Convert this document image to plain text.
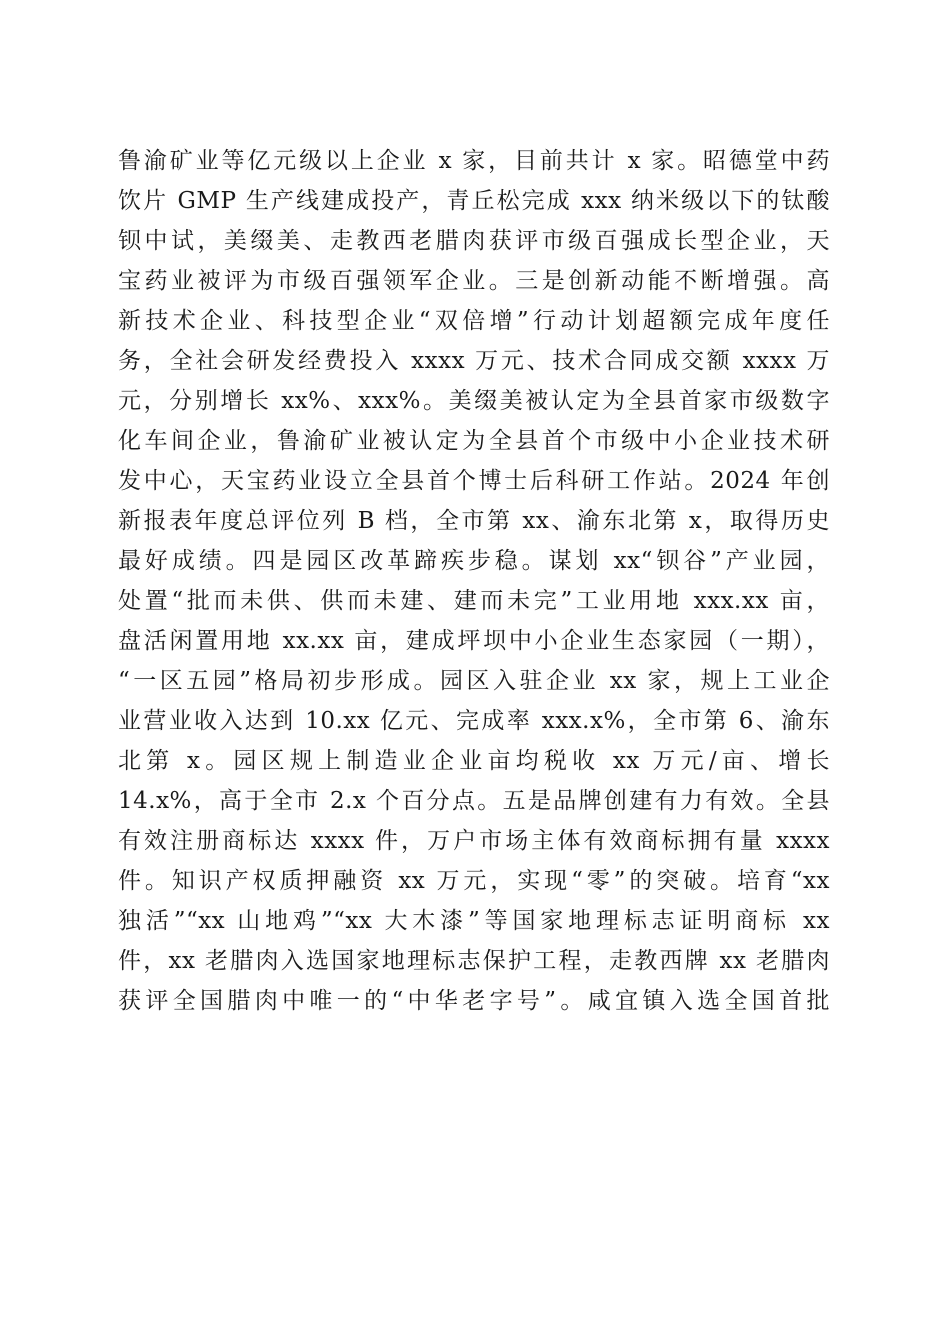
鲁渝矿业等亿元级以上企业 x 家，目前共计 x 家。昭德堂中药
饮片 GMP 生产线建成投产，青丘松完成 xxx 纳米级以下的钛酸
钡中试，美缀美、走教西老腊肉获评市级百强成长型企业，天
宝药业被评为市级百强领军企业。三是创新动能不断增强。高
新技术企业、科技型企业“双倍增”行动计划超额完成年度任
务，全社会研发经费投入 xxxx 万元、技术合同成交额 xxxx 万
元，分别增长 xx%、xxx%。美缀美被认定为全县首家市级数字
化车间企业，鲁渝矿业被认定为全县首个市级中小企业技术研
发中心，天宝药业设立全县首个博士后科研工作站。2024 年创
新报表年度总评位列 B 档，全市第 xx、渝东北第 x，取得历史
最好成绩。四是园区改革蹄疾步稳。谋划 xx“钡谷”产业园，
处置“批而未供、供而未建、建而未完”工业用地 xxx.xx 亩，
盘活闲置用地 xx.xx 亩，建成坪坝中小企业生态家园（一期），
“一区五园”格局初步形成。园区入驻企业 xx 家，规上工业企
业营业收入达到 10.xx 亿元、完成率 xxx.x%，全市第 6、渝东
北第 x。园区规上制造业企业亩均税收 xx 万元/亩、增长
14.x%，高于全市 2.x 个百分点。五是品牌创建有力有效。全县
有效注册商标达 xxxx 件，万户市场主体有效商标拥有量 xxxx
件。知识产权质押融资 xx 万元，实现“零”的突破。培育“xx
独活”“xx 山地鸡”“xx 大木漆”等国家地理标志证明商标 xx
件，xx 老腊肉入选国家地理标志保护工程，走教西牌 xx 老腊肉
获评全国腊肉中唯一的“中华老字号”。咸宜镇入选全国首批
